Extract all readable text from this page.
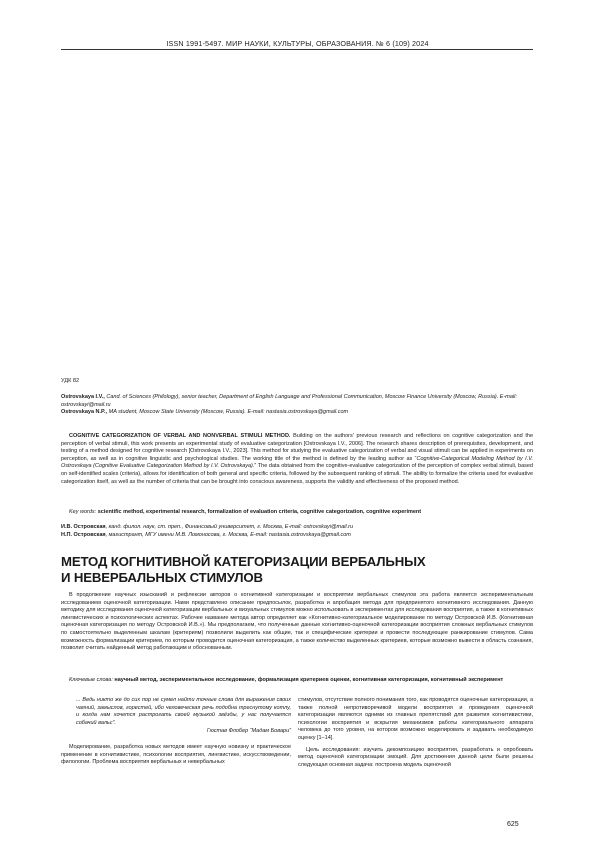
ISSN 1991-5497. МИР НАУКИ, КУЛЬТУРЫ, ОБРАЗОВАНИЯ. № 6 (109) 2024
УДК 82
Ostrovskaya I.V., Cand. of Sciences (Philology), senior teacher, Department of English Language and Professional Communication, Moscow Finance University (Moscow, Russia). E-mail: ostrovskayi@mail.ru
Ostrovskaya N.P., MA student, Moscow State University (Moscow, Russia). E-mail: nastasia.ostrovskaya@gmail.com
COGNITIVE CATEGORIZATION OF VERBAL AND NONVERBAL STIMULI METHOD. Building on the authors' previous research and reflections on cognitive categorization and the perception of verbal stimuli, this work presents an experimental study of evaluative categorization [Ostrovskaya I.V., 2006]. The research shares description of prerequisites, development, and testing of a method designed for cognitive research [Ostrovskaya I.V., 2023]. This method for studying the evaluative categorization of verbal and visual stimuli can be applied in experiments on perception, as well as in cognitive linguistic and psychological studies. The working title of the method is defined by the leading author as “Cognitive-Categorical Modeling Method by I.V. Ostrovskaya (Cognitive Evaluative Categorization Method by I.V. Ostrovskaya).” The data obtained from the cognitive-evaluative categorization of the perception of complex verbal stimuli, based on self-identified scales (criteria), allows for identification of both general and specific criteria, followed by the subsequent ranking of stimuli. The ability to formalize the criteria used for evaluative categorization itself, as well as the number of criteria that can be brought into conscious awareness, supports the validity and effectiveness of the proposed method.
Key words: scientific method, experimental research, formalization of evaluation criteria, cognitive categorization, cognitive experiment
И.В. Островская, канд. филол. наук, ст. преп., Финансовый университет, г. Москва, E-mail: ostrovskayi@mail.ru
Н.П. Островская, магистрант, МГУ имени М.В. Ломоносова, г. Москва, E-mail: nastasia.ostrovskaya@gmail.com
МЕТОД КОГНИТИВНОЙ КАТЕГОРИЗАЦИИ ВЕРБАЛЬНЫХ
И НЕВЕРБАЛЬНЫХ СТИМУЛОВ
В продолжение научных изысканий и рефлексии авторов о когнитивной категоризации и восприятии вербальных стимулов эта работа является экспериментальным исследованием оценочной категоризации. Нами представлено описание предпосылок, разработка и апробация метода для предпринятого когнитивного исследования. Данную методику для исследования оценочной категоризации вербальных и визуальных стимулов можно использовать в экспериментах для исследования восприятия, а также в когнитивных лингвистических и психологических аспектах. Рабочее название метода автор определяет как «Когнитивно-категориальное моделирование по методу Островской И.В. (Когнитивная оценочная категоризация по методу Островской И.В.»). Мы предполагаем, что полученные данные когнитивно-оценочной категоризации восприятия сложных вербальных стимулов по самостоятельно выделенным шкалам (критериям) позволили выделить как общие, так и специфические критерии и провести последующее ранжирование стимулов. Сама возможность формализации критериев, по которым проводится оценочная категоризация, а также количество выделенных критериев, которые возможно вывести в область сознания, позволит считать найденный метод работающим и обоснованным.
Ключевые слова: научный метод, экспериментальное исследование, формализация критериев оценки, когнитивная категоризация, когнитивный эксперимент
... Ведь никто же до сих пор не сумел найти точные слова для выражения своих чаяний, замыслов, горестей, ибо человеческая речь подобна треснутому котлу, и когда нам хочется растрогать своей музыкой звёзды, у нас получается собачий вальс”.
Гюстав Флобер “Мадам Бовари”
Моделирование, разработка новых методов имеет научную новизну и практическое применение в когнитивистике, психологии восприятия, лингвистике, искусствоведении, филологии. Проблема восприятия вербальных и невербальных
стимулов, отсутствие полного понимания того, как проводятся оценочные категоризации, а также полной непротиворечивой модели восприятия и проведения оценочной категоризации являются одними из главных препятствий для развития когнитивистики, психологии восприятия и вскрытия механизмов работы категориального аппарата человека до того уровня, на котором возможно моделировать и задавать необходимую оценку [1–14].
Цель исследования: изучить декомпозицию восприятия, разработать и опробовать метод оценочной категоризации эмоций. Для достижения данной цели были решены следующая основная задача: построена модель оценочной
625
